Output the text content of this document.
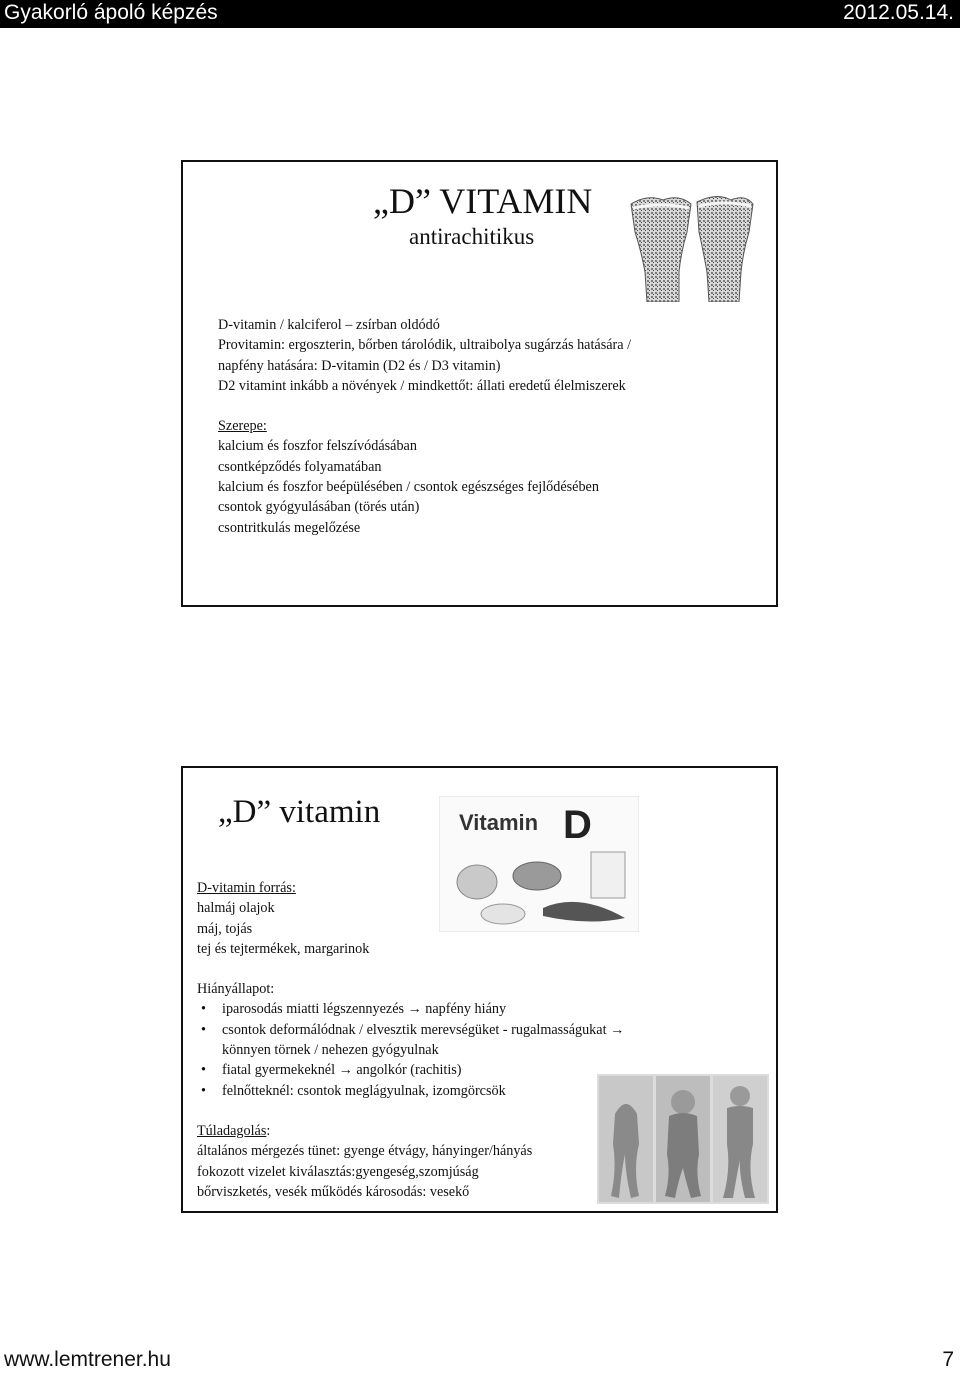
Gyakorló ápoló képzés	2012.05.14.
„D” VITAMIN
antirachitikus
D-vitamin / kalciferol – zsírban oldódó
Provitamin: ergoszterin, bőrben tárolódik, ultraibolya sugárzás hatására /
napfény hatására: D-vitamin (D2 és / D3 vitamin)
D2 vitamint inkább a növények / mindkettőt: állati eredetű élelmiszerek
Szerepe:
kalcium és foszfor felszívódásában
csontképződés folyamatában
kalcium és foszfor beépülésében / csontok egészséges fejlődésében
csontok gyógyulásában (törés után)
csontritkulás megelőzése
„D” vitamin	Vitamin D
D-vitamin forrás:
halmáj olajok
máj, tojás
tej és tejtermékek, margarinok
Hiányállapot:
• iparosodás miatti légszennyezés → napfény hiány
• csontok deformálódnak / elvesztik merevségüket - rugalmasságukat →
könnyen törnek / nehezen gyógyulnak
• fiatal gyermekeknél → angolkór (rachitis)
• felnőtteknél: csontok meglágyulnak, izomgörcsök
Túladagolás:
általános mérgezés tünet: gyenge étvágy, hányinger/hányás
fokozott vizelet kiválasztás:gyengeség,szomjúság
bőrviszketés, vesék működés károsodás: vesekő
www.lemtrener.hu	7
